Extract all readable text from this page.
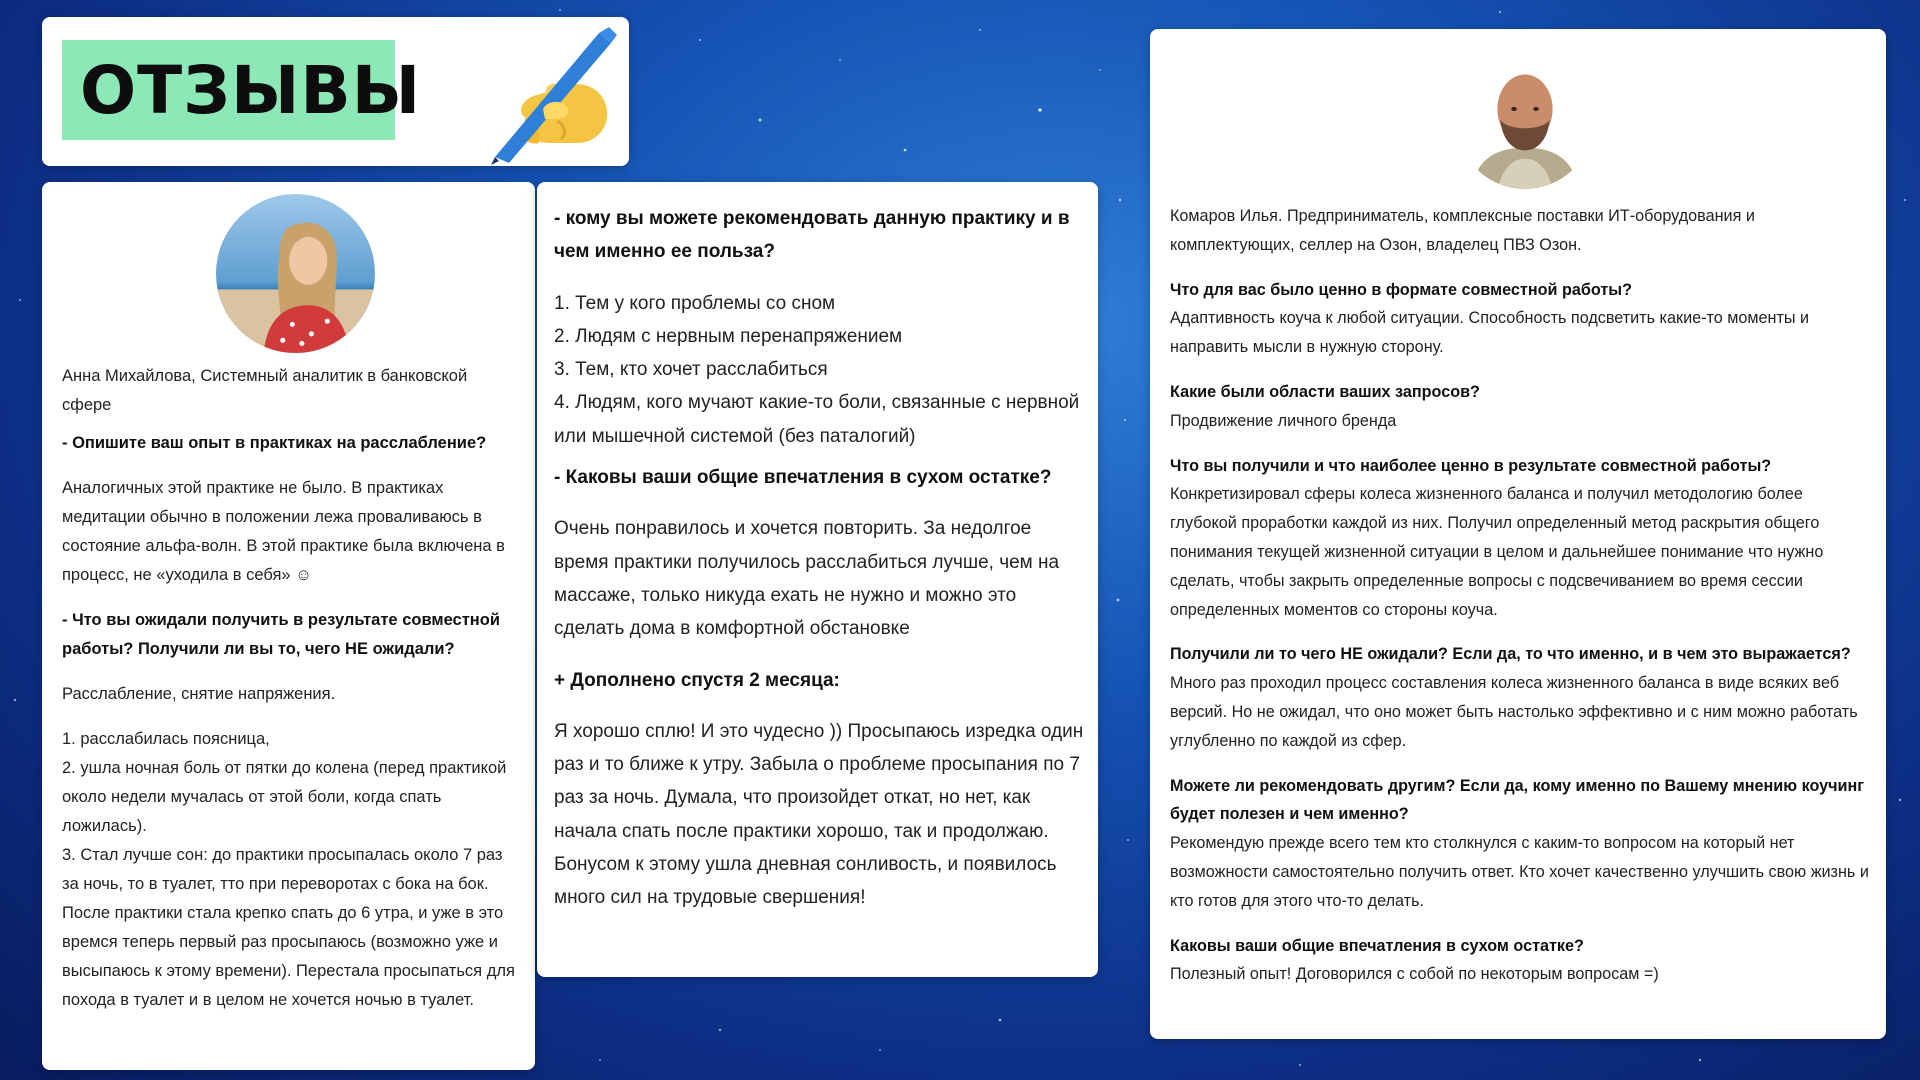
ОТЗЫВЫ

Анна Михайлова, Системный аналитик в банковской сфере

- Опишите ваш опыт в практиках на расслабление?

Аналогичных этой практике не было. В практиках медитации обычно в положении лежа проваливаюсь в состояние альфа-волн. В этой практике была включена в процесс, не «уходила в себя» ☺

- Что вы ожидали получить в результате совместной работы? Получили ли вы то, чего НЕ ожидали?

Расслабление, снятие напряжения.

1. расслабилась поясница,

2. ушла ночная боль от пятки до колена (перед практикой около недели мучалась от этой боли, когда спать ложилась).

3. Стал лучше сон: до практики просыпалась около 7 раз за ночь, то в туалет, тто при переворотах с бока на бок. После практики стала крепко спать до 6 утра, и уже в это времся теперь первый раз просыпаюсь (возможно уже и высыпаюсь к этому времени). Перестала просыпаться для похода в туалет и в целом не хочется ночью в туалет.

- кому вы можете рекомендовать данную практику и в чем именно ее польза?

1. Тем у кого проблемы со сном

2. Людям с нервным перенапряжением

3. Тем, кто хочет расслабиться

4. Людям, кого мучают какие-то боли, связанные с нервной или мышечной системой (без паталогий)

- Каковы ваши общие впечатления в сухом остатке?

Очень понравилось и хочется повторить. За недолгое время практики получилось расслабиться лучше, чем на массаже, только никуда ехать не нужно и можно это сделать дома в комфортной обстановке

+ Дополнено спустя 2 месяца:

Я хорошо сплю! И это чудесно )) Просыпаюсь изредка один раз и то ближе к утру. Забыла о проблеме просыпания по 7 раз за ночь. Думала, что произойдет откат, но нет, как начала спать после практики хорошо, так и продолжаю. Бонусом к этому ушла дневная сонливость, и появилось много сил на трудовые свершения!

Комаров Илья. Предприниматель, комплексные поставки ИТ-оборудования и комплектующих, селлер на Озон, владелец ПВЗ Озон.

Что для вас было ценно в формате совместной работы?

Адаптивность коуча к любой ситуации. Способность подсветить какие-то моменты и направить мысли в нужную сторону.

Какие были области ваших запросов?

Продвижение личного бренда

Что вы получили и что наиболее ценно в результате совместной работы?

Конкретизировал сферы колеса жизненного баланса и получил методологию более глубокой проработки каждой из них. Получил определенный метод раскрытия общего понимания текущей жизненной ситуации в целом и дальнейшее понимание что нужно сделать, чтобы закрыть определенные вопросы с подсвечиванием во время сессии определенных моментов со стороны коуча.

Получили ли то чего НЕ ожидали? Если да, то что именно, и в чем это выражается?

Много раз проходил процесс составления колеса жизненного баланса в виде всяких веб версий. Но не ожидал, что оно может быть настолько эффективно и с ним можно работать углубленно по каждой из сфер.

Можете ли рекомендовать другим? Если да, кому именно по Вашему мнению коучинг будет полезен и чем именно?

Рекомендую прежде всего тем кто столкнулся с каким-то вопросом на который нет возможности самостоятельно получить ответ. Кто хочет качественно улучшить свою жизнь и кто готов для этого что-то делать.

Каковы ваши общие впечатления в сухом остатке?

Полезный опыт! Договорился с собой по некоторым вопросам =)
